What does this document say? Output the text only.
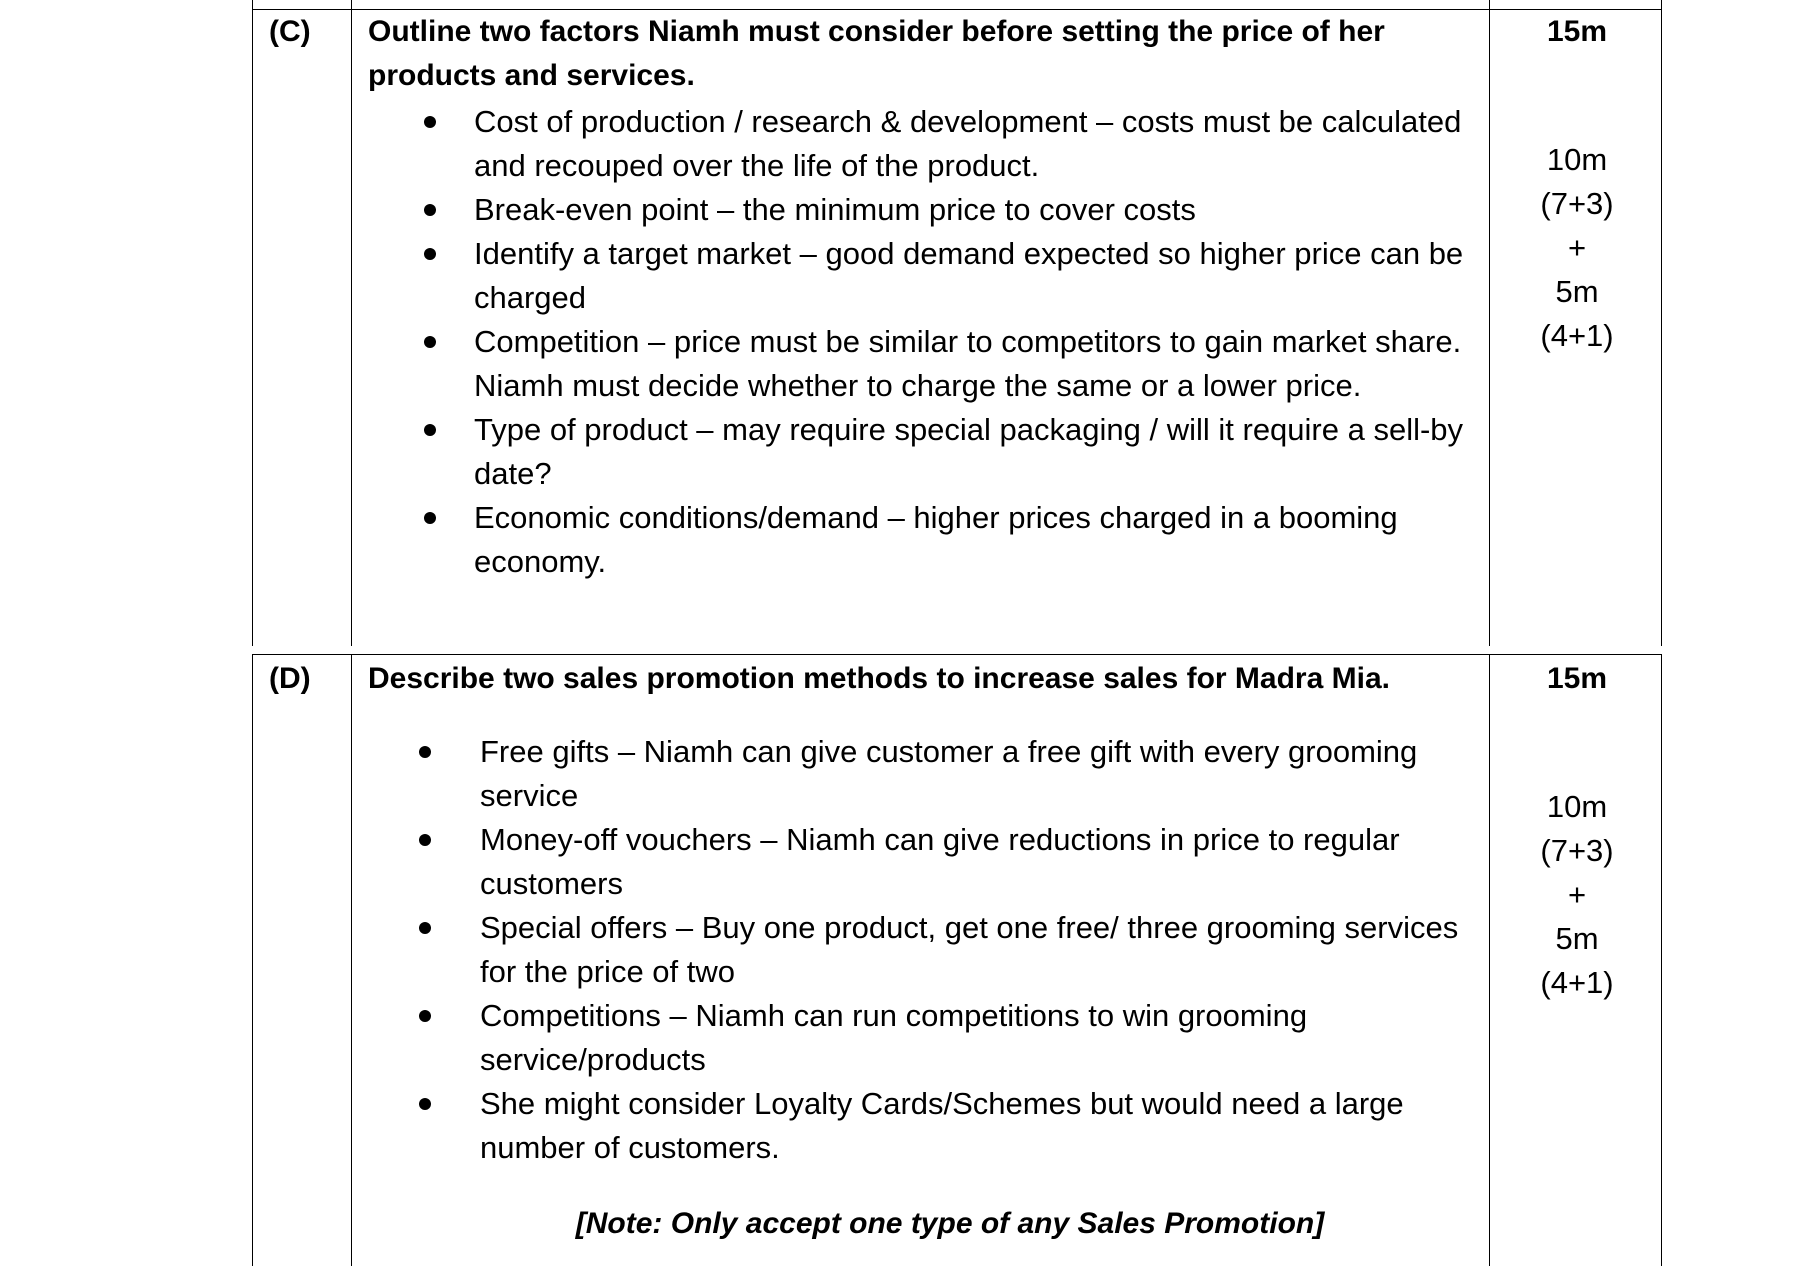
(C) Outline two factors Niamh must consider before setting the price of her products and services.
15m
10m
(7+3)
+
5m
(4+1)
Cost of production / research & development – costs must be calculated and recouped over the life of the product.
Break-even point – the minimum price to cover costs
Identify a target market – good demand expected so higher price can be charged
Competition – price must be similar to competitors to gain market share. Niamh must decide whether to charge the same or a lower price.
Type of product – may require special packaging / will it require a sell-by date?
Economic conditions/demand – higher prices charged in a booming economy.
(D) Describe two sales promotion methods to increase sales for Madra Mia.	15m
10m
(7+3)
+
5m
(4+1)
Free gifts – Niamh can give customer a free gift with every grooming service
Money-off vouchers – Niamh can give reductions in price to regular customers
Special offers – Buy one product, get one free/ three grooming services for the price of two
Competitions – Niamh can run competitions to win grooming service/products
She might consider Loyalty Cards/Schemes but would need a large number of customers.
[Note: Only accept one type of any Sales Promotion]
